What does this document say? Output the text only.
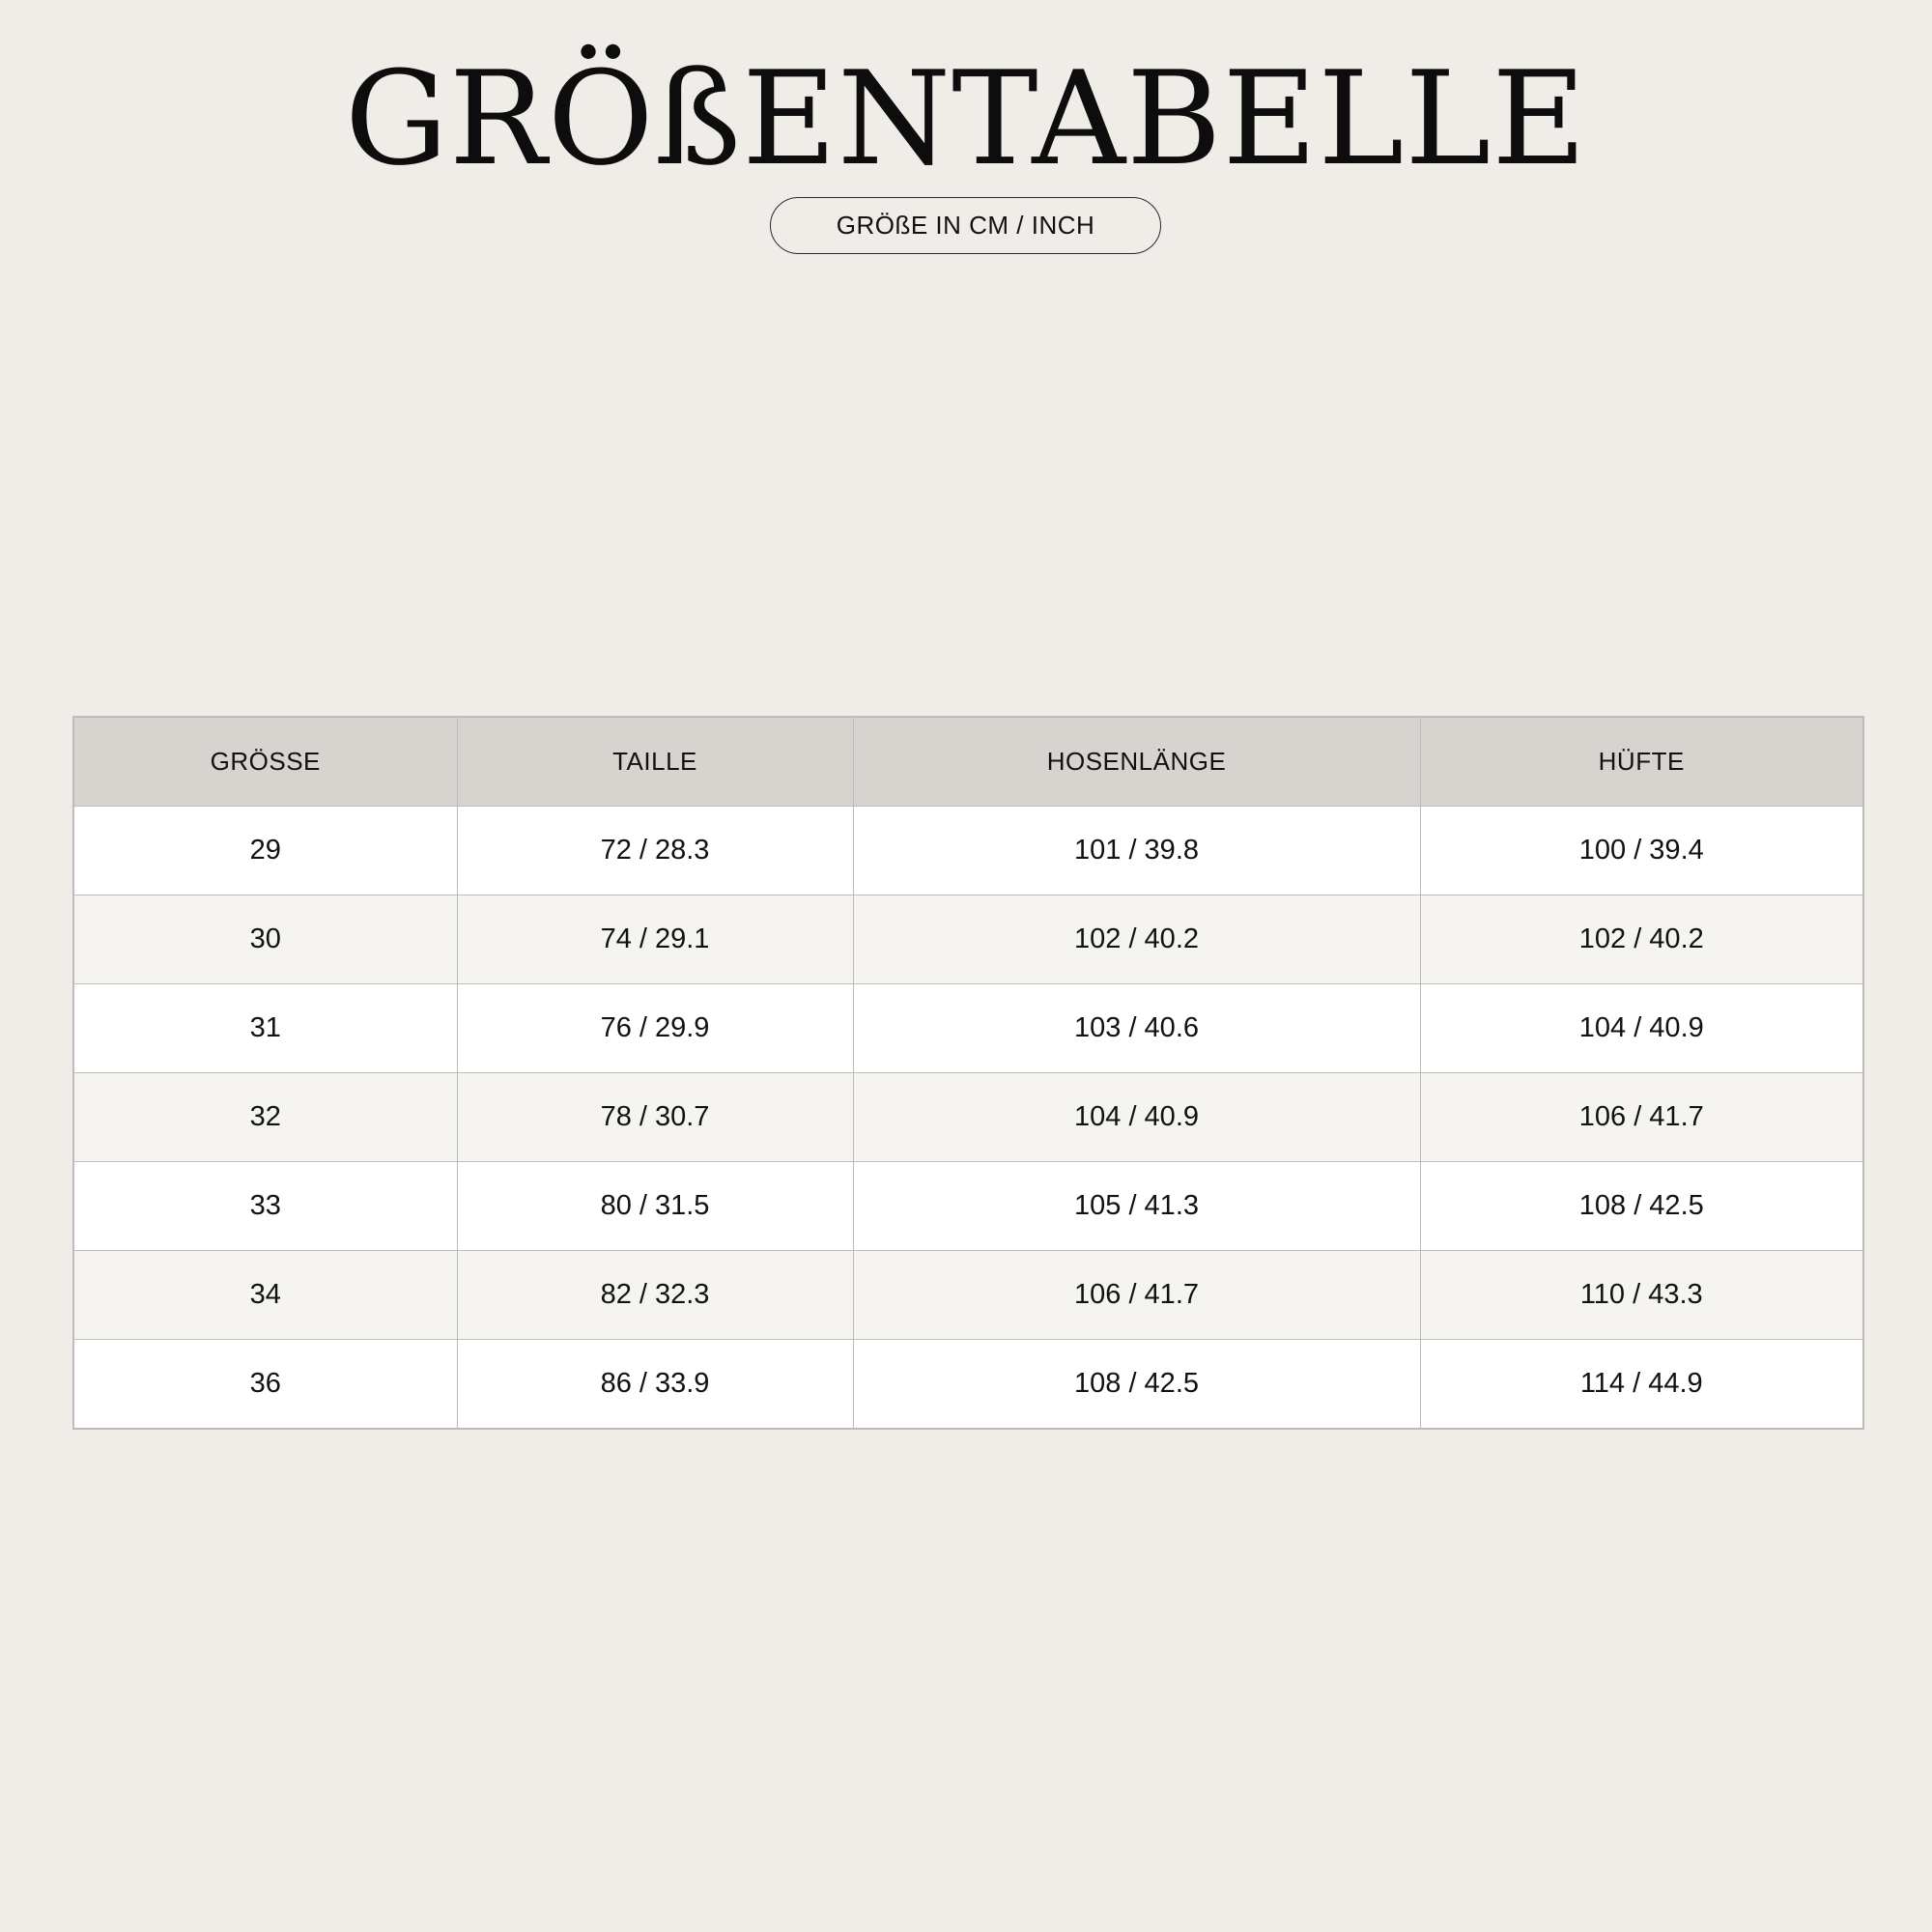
GRÖßENTABELLE
GRÖßE IN CM / INCH
GRÖSSE	TAILLE	HOSENLÄNGE	HÜFTE
29	72 / 28.3	101 / 39.8	100 / 39.4
30	74 / 29.1	102 / 40.2	102 / 40.2
31	76 / 29.9	103 / 40.6	104 / 40.9
32	78 / 30.7	104 / 40.9	106 / 41.7
33	80 / 31.5	105 / 41.3	108 / 42.5
34	82 / 32.3	106 / 41.7	110 / 43.3
36	86 / 33.9	108 / 42.5	114 / 44.9
